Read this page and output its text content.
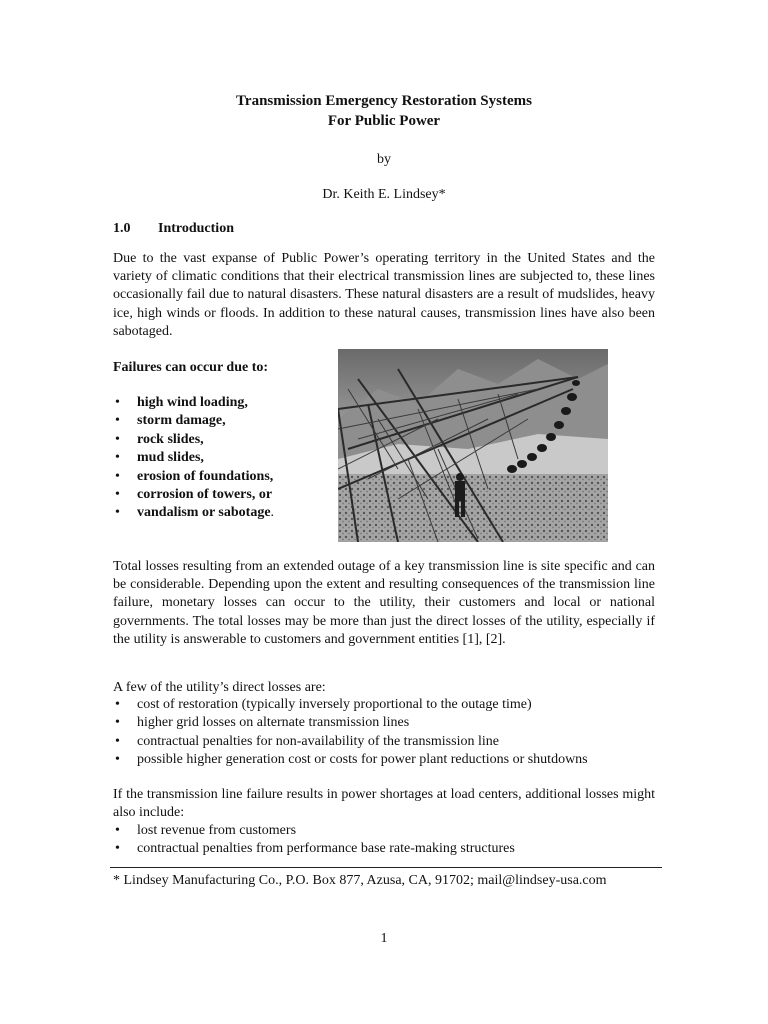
Transmission Emergency Restoration Systems
For Public Power
by
Dr. Keith E. Lindsey*
1.0 Introduction
Due to the vast expanse of Public Power’s operating territory in the United States and the variety of climatic conditions that their electrical transmission lines are subjected to, these lines occasionally fail due to natural disasters. These natural disasters are a result of mudslides, heavy ice, high winds or floods. In addition to these natural causes, transmission lines have also been sabotaged.
Failures can occur due to:
• high wind loading,
• storm damage,
• rock slides,
• mud slides,
• erosion of foundations,
• corrosion of towers, or
• vandalism or sabotage.
Total losses resulting from an extended outage of a key transmission line is site specific and can be considerable. Depending upon the extent and resulting consequences of the transmission line failure, monetary losses can occur to the utility, their customers and local or national governments. The total losses may be more than just the direct losses of the utility, especially if the utility is answerable to customers and government entities [1], [2].
A few of the utility’s direct losses are:
• cost of restoration (typically inversely proportional to the outage time)
• higher grid losses on alternate transmission lines
• contractual penalties for non-availability of the transmission line
• possible higher generation cost or costs for power plant reductions or shutdowns
If the transmission line failure results in power shortages at load centers, additional losses might also include:
• lost revenue from customers
• contractual penalties from performance base rate-making structures
* Lindsey Manufacturing Co., P.O. Box 877, Azusa, CA, 91702; mail@lindsey-usa.com
1
